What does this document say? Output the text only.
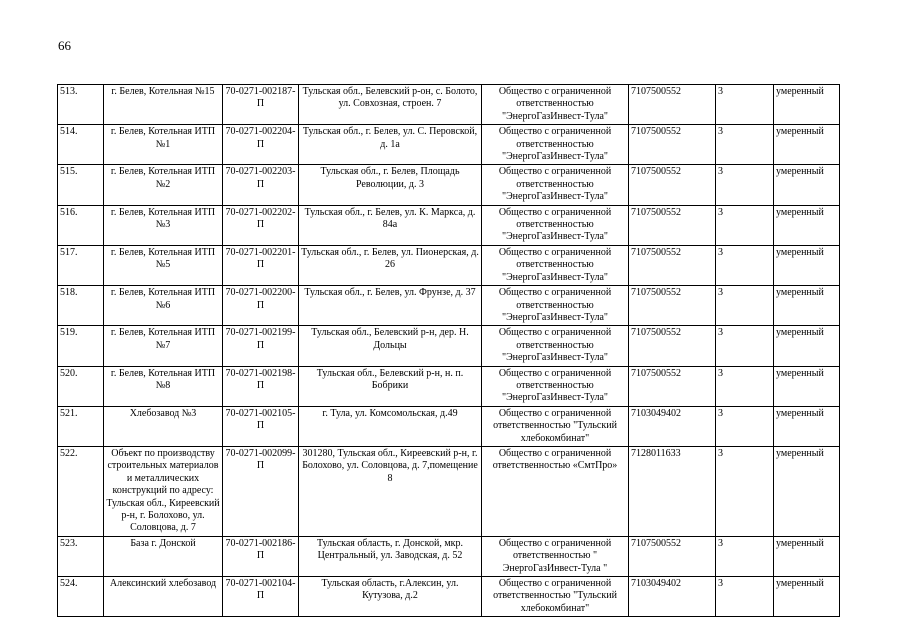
66
513.	г. Белев, Котельная №15	70-0271-002187-П	Тульская обл., Белевский р-он, с. Болото, ул. Совхозная, строен. 7	Общество с ограниченной ответственностью "ЭнергоГазИнвест-Тула"	7107500552	3	умеренный
514.	г. Белев, Котельная ИТП №1	70-0271-002204-П	Тульская обл., г. Белев, ул. С. Перовской, д. 1а	Общество с ограниченной ответственностью "ЭнергоГазИнвест-Тула"	7107500552	3	умеренный
515.	г. Белев, Котельная ИТП №2	70-0271-002203-П	Тульская обл., г. Белев, Площадь Революции, д. 3	Общество с ограниченной ответственностью "ЭнергоГазИнвест-Тула"	7107500552	3	умеренный
516.	г. Белев, Котельная ИТП №3	70-0271-002202-П	Тульская обл., г. Белев, ул. К. Маркса, д. 84а	Общество с ограниченной ответственностью "ЭнергоГазИнвест-Тула"	7107500552	3	умеренный
517.	г. Белев, Котельная ИТП №5	70-0271-002201-П	Тульская обл., г. Белев, ул. Пионерская, д. 26	Общество с ограниченной ответственностью "ЭнергоГазИнвест-Тула"	7107500552	3	умеренный
518.	г. Белев, Котельная ИТП №6	70-0271-002200-П	Тульская обл., г. Белев, ул. Фрунзе, д. 37	Общество с ограниченной ответственностью "ЭнергоГазИнвест-Тула"	7107500552	3	умеренный
519.	г. Белев, Котельная ИТП №7	70-0271-002199-П	Тульская обл., Белевский р-н, дер. Н. Дольцы	Общество с ограниченной ответственностью "ЭнергоГазИнвест-Тула"	7107500552	3	умеренный
520.	г. Белев, Котельная ИТП №8	70-0271-002198-П	Тульская обл., Белевский р-н, н. п. Бобрики	Общество с ограниченной ответственностью "ЭнергоГазИнвест-Тула"	7107500552	3	умеренный
521.	Хлебозавод №3	70-0271-002105-П	г. Тула, ул. Комсомольская, д.49	Общество с ограниченной ответственностью "Тульский хлебокомбинат"	7103049402	3	умеренный
522.	Объект по производству строительных материалов и металлических конструкций по адресу: Тульская обл., Киреевский р-н, г. Болохово, ул. Соловцова, д. 7	70-0271-002099-П	301280, Тульская обл., Киреевский р-н, г. Болохово, ул. Соловцова, д. 7,помещение 8	Общество с ограниченной ответственностью «СмтПро»	7128011633	3	умеренный
523.	База г. Донской	70-0271-002186-П	Тульская область, г. Донской, мкр. Центральный, ул. Заводская, д. 52	Общество с ограниченной ответственностью " ЭнергоГазИнвест-Тула "	7107500552	3	умеренный
524.	Алексинский хлебозавод	70-0271-002104-П	Тульская область, г.Алексин, ул. Кутузова, д.2	Общество с ограниченной ответственностью "Тульский хлебокомбинат"	7103049402	3	умеренный
